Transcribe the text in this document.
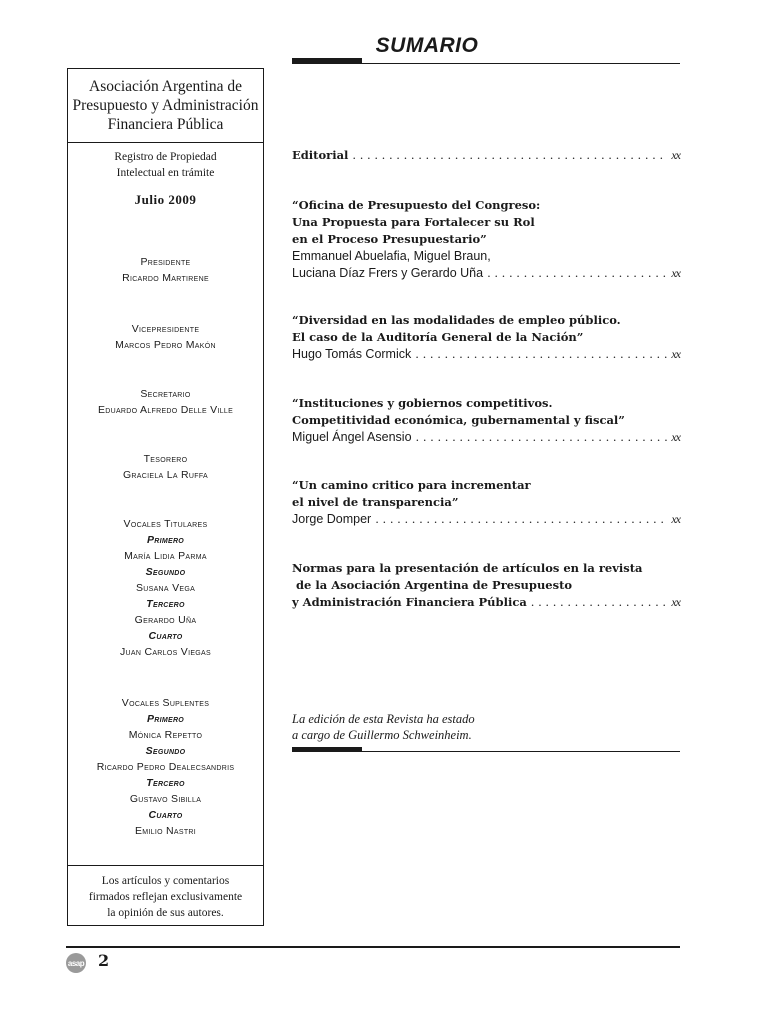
SUMARIO
Asociación Argentina de
Presupuesto y Administración
Financiera Pública
Registro de Propiedad
Intelectual en trámite
Julio 2009
Presidente
Ricardo Martirene
Vicepresidente
Marcos Pedro Makón
Secretario
Eduardo Alfredo Delle Ville
Tesorero
Graciela La Ruffa
Vocales Titulares
Primero
María Lidia Parma
Segundo
Susana Vega
Tercero
Gerardo Uña
Cuarto
Juan Carlos Viegas
Vocales Suplentes
Primero
Mónica Repetto
Segundo
Ricardo Pedro Dealecsandris
Tercero
Gustavo Sibilla
Cuarto
Emilio Nastri
Los artículos y comentarios
firmados reflejan exclusivamente
la opinión de sus autores.
Editorial . . .	xx
“Oficina de Presupuesto del Congreso:
Una Propuesta para Fortalecer su Rol
en el Proceso Presupuestario”
Emmanuel Abuelafia, Miguel Braun,
Luciana Díaz Frers y Gerardo Uña . . .	xx
“Diversidad en las modalidades de empleo público.
El caso de la Auditoría General de la Nación”
Hugo Tomás Cormick . . .	xx
“Instituciones y gobiernos competitivos.
Competitividad económica, gubernamental y fiscal”
Miguel Ángel Asensio . . .	xx
“Un camino critico para incrementar
el nivel de transparencia”
Jorge Domper . . .	xx
Normas para la presentación de artículos en la revista
de la Asociación Argentina de Presupuesto
y Administración Financiera Pública . . .	xx
La edición de esta Revista ha estado
a cargo de Guillermo Schweinheim.
asap 2
